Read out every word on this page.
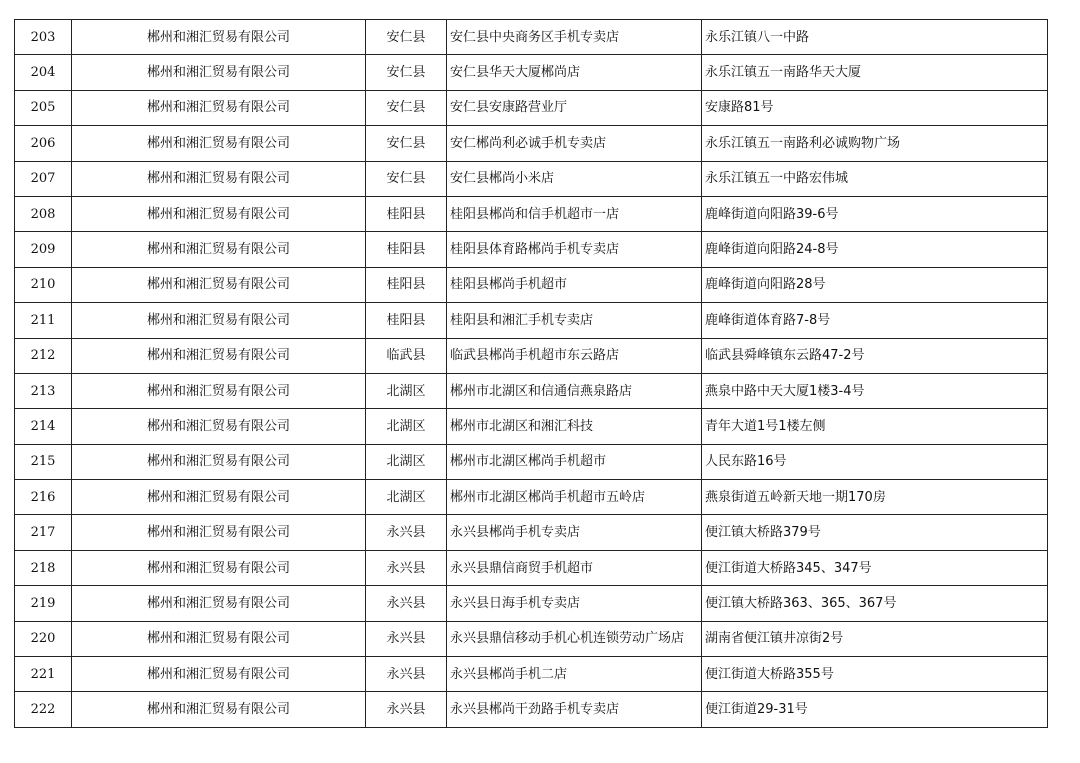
203	郴州和湘汇贸易有限公司	安仁县	安仁县中央商务区手机专卖店	永乐江镇八一中路
204	郴州和湘汇贸易有限公司	安仁县	安仁县华天大厦郴尚店	永乐江镇五一南路华天大厦
205	郴州和湘汇贸易有限公司	安仁县	安仁县安康路营业厅	安康路81号
206	郴州和湘汇贸易有限公司	安仁县	安仁郴尚利必诚手机专卖店	永乐江镇五一南路利必诚购物广场
207	郴州和湘汇贸易有限公司	安仁县	安仁县郴尚小米店	永乐江镇五一中路宏伟城
208	郴州和湘汇贸易有限公司	桂阳县	桂阳县郴尚和信手机超市一店	鹿峰街道向阳路39-6号
209	郴州和湘汇贸易有限公司	桂阳县	桂阳县体育路郴尚手机专卖店	鹿峰街道向阳路24-8号
210	郴州和湘汇贸易有限公司	桂阳县	桂阳县郴尚手机超市	鹿峰街道向阳路28号
211	郴州和湘汇贸易有限公司	桂阳县	桂阳县和湘汇手机专卖店	鹿峰街道体育路7-8号
212	郴州和湘汇贸易有限公司	临武县	临武县郴尚手机超市东云路店	临武县舜峰镇东云路47-2号
213	郴州和湘汇贸易有限公司	北湖区	郴州市北湖区和信通信燕泉路店	燕泉中路中天大厦1楼3-4号
214	郴州和湘汇贸易有限公司	北湖区	郴州市北湖区和湘汇科技	青年大道1号1楼左侧
215	郴州和湘汇贸易有限公司	北湖区	郴州市北湖区郴尚手机超市	人民东路16号
216	郴州和湘汇贸易有限公司	北湖区	郴州市北湖区郴尚手机超市五岭店	燕泉街道五岭新天地一期170房
217	郴州和湘汇贸易有限公司	永兴县	永兴县郴尚手机专卖店	便江镇大桥路379号
218	郴州和湘汇贸易有限公司	永兴县	永兴县鼎信商贸手机超市	便江街道大桥路345、347号
219	郴州和湘汇贸易有限公司	永兴县	永兴县日海手机专卖店	便江镇大桥路363、365、367号
220	郴州和湘汇贸易有限公司	永兴县	永兴县鼎信移动手机心机连锁劳动广场店	湖南省便江镇井凉街2号
221	郴州和湘汇贸易有限公司	永兴县	永兴县郴尚手机二店	便江街道大桥路355号
222	郴州和湘汇贸易有限公司	永兴县	永兴县郴尚干劲路手机专卖店	便江街道29-31号
